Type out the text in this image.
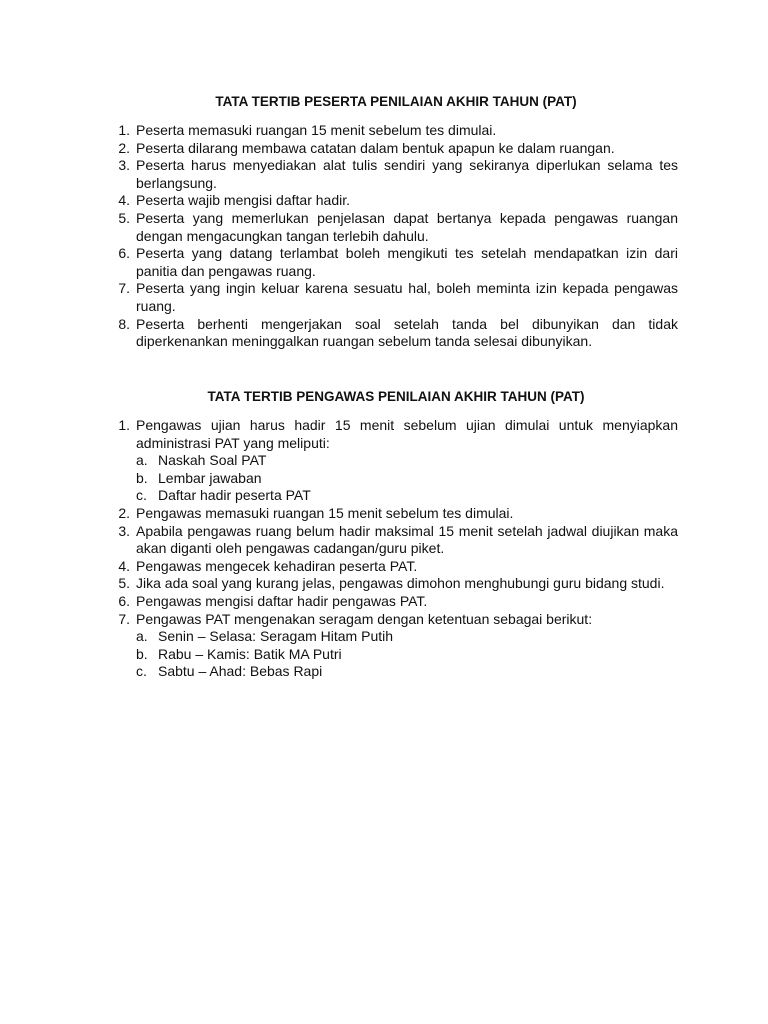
TATA TERTIB PESERTA PENILAIAN AKHIR TAHUN (PAT)
1. Peserta memasuki ruangan 15 menit sebelum tes dimulai.
2. Peserta dilarang membawa catatan dalam bentuk apapun ke dalam ruangan.
3. Peserta harus menyediakan alat tulis sendiri yang sekiranya diperlukan selama tes berlangsung.
4. Peserta wajib mengisi daftar hadir.
5. Peserta yang memerlukan penjelasan dapat bertanya kepada pengawas ruangan dengan mengacungkan tangan terlebih dahulu.
6. Peserta yang datang terlambat boleh mengikuti tes setelah mendapatkan izin dari panitia dan pengawas ruang.
7. Peserta yang ingin keluar karena sesuatu hal, boleh meminta izin kepada pengawas ruang.
8. Peserta berhenti mengerjakan soal setelah tanda bel dibunyikan dan tidak diperkenankan meninggalkan ruangan sebelum tanda selesai dibunyikan.
TATA TERTIB PENGAWAS PENILAIAN AKHIR TAHUN (PAT)
1. Pengawas ujian harus hadir 15 menit sebelum ujian dimulai untuk menyiapkan administrasi PAT yang meliputi:
a. Naskah Soal PAT
b. Lembar jawaban
c. Daftar hadir peserta PAT
2. Pengawas memasuki ruangan 15 menit sebelum tes dimulai.
3. Apabila pengawas ruang belum hadir maksimal 15 menit setelah jadwal diujikan maka akan diganti oleh pengawas cadangan/guru piket.
4. Pengawas mengecek kehadiran peserta PAT.
5. Jika ada soal yang kurang jelas, pengawas dimohon menghubungi guru bidang studi.
6. Pengawas mengisi daftar hadir pengawas PAT.
7. Pengawas PAT mengenakan seragam dengan ketentuan sebagai berikut:
a. Senin – Selasa: Seragam Hitam Putih
b. Rabu – Kamis: Batik MA Putri
c. Sabtu – Ahad: Bebas Rapi
